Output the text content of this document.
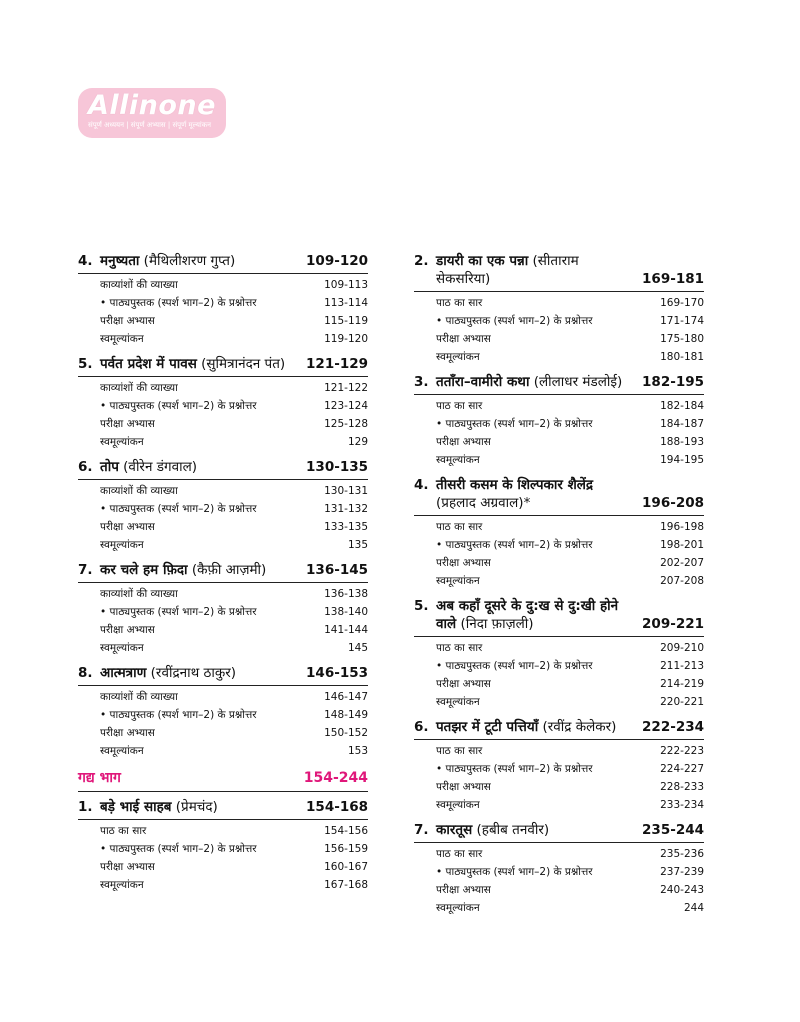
Allinone
संपूर्ण अध्ययन | संपूर्ण अभ्यास | संपूर्ण मूल्यांकन
4. मनुष्यता (मैथिलीशरण गुप्त)	109-120
काव्यांशों की व्याख्या	109-113
• पाठ्यपुस्तक (स्पर्श भाग–2) के प्रश्नोत्तर	113-114
परीक्षा अभ्यास	115-119
स्वमूल्यांकन	119-120
5. पर्वत प्रदेश में पावस (सुमित्रानंदन पंत)	121-129
काव्यांशों की व्याख्या	121-122
• पाठ्यपुस्तक (स्पर्श भाग–2) के प्रश्नोत्तर	123-124
परीक्षा अभ्यास	125-128
स्वमूल्यांकन	129
6. तोप (वीरेन डंगवाल)	130-135
काव्यांशों की व्याख्या	130-131
• पाठ्यपुस्तक (स्पर्श भाग–2) के प्रश्नोत्तर	131-132
परीक्षा अभ्यास	133-135
स्वमूल्यांकन	135
7. कर चले हम फ़िदा (कैफ़ी आज़मी)	136-145
काव्यांशों की व्याख्या	136-138
• पाठ्यपुस्तक (स्पर्श भाग–2) के प्रश्नोत्तर	138-140
परीक्षा अभ्यास	141-144
स्वमूल्यांकन	145
8. आत्मत्राण (रवींद्रनाथ ठाकुर)	146-153
काव्यांशों की व्याख्या	146-147
• पाठ्यपुस्तक (स्पर्श भाग–2) के प्रश्नोत्तर	148-149
परीक्षा अभ्यास	150-152
स्वमूल्यांकन	153
गद्य भाग	154-244
1. बड़े भाई साहब (प्रेमचंद)	154-168
पाठ का सार	154-156
• पाठ्यपुस्तक (स्पर्श भाग–2) के प्रश्नोत्तर	156-159
परीक्षा अभ्यास	160-167
स्वमूल्यांकन	167-168
2. डायरी का एक पन्ना (सीताराम सेकसरिया)	169-181
पाठ का सार	169-170
• पाठ्यपुस्तक (स्पर्श भाग–2) के प्रश्नोत्तर	171-174
परीक्षा अभ्यास	175-180
स्वमूल्यांकन	180-181
3. तताँरा–वामीरो कथा (लीलाधर मंडलोई)	182-195
पाठ का सार	182-184
• पाठ्यपुस्तक (स्पर्श भाग–2) के प्रश्नोत्तर	184-187
परीक्षा अभ्यास	188-193
स्वमूल्यांकन	194-195
4. तीसरी कसम के शिल्पकार शैलेंद्र (प्रहलाद अग्रवाल)*	196-208
पाठ का सार	196-198
• पाठ्यपुस्तक (स्पर्श भाग–2) के प्रश्नोत्तर	198-201
परीक्षा अभ्यास	202-207
स्वमूल्यांकन	207-208
5. अब कहाँ दूसरे के दु:ख से दु:खी होने वाले (निदा फ़ाज़ली)	209-221
पाठ का सार	209-210
• पाठ्यपुस्तक (स्पर्श भाग–2) के प्रश्नोत्तर	211-213
परीक्षा अभ्यास	214-219
स्वमूल्यांकन	220-221
6. पतझर में टूटी पत्तियाँ (रवींद्र केलेकर)	222-234
पाठ का सार	222-223
• पाठ्यपुस्तक (स्पर्श भाग–2) के प्रश्नोत्तर	224-227
परीक्षा अभ्यास	228-233
स्वमूल्यांकन	233-234
7. कारतूस (हबीब तनवीर)	235-244
पाठ का सार	235-236
• पाठ्यपुस्तक (स्पर्श भाग–2) के प्रश्नोत्तर	237-239
परीक्षा अभ्यास	240-243
स्वमूल्यांकन	244
